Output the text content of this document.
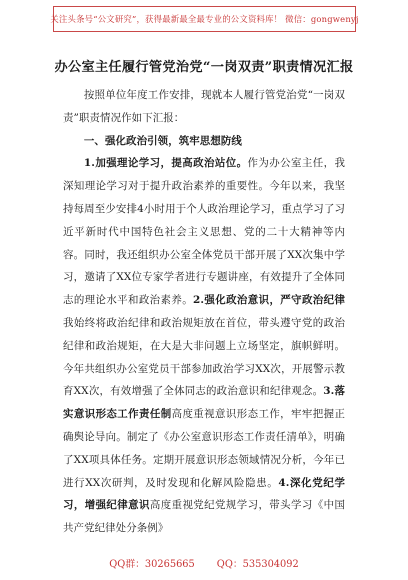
关注头条号“公文研究”，获得最新最全最专业的公文资料库！ 微信：gongwenyj
办公室主任履行管党治党“一岗双责”职责情况汇报

按照单位年度工作安排，现就本人履行管党治党“一岗双责”职责情况作如下汇报：

一、强化政治引领，筑牢思想防线

1.加强理论学习，提高政治站位。作为办公室主任，我深知理论学习对于提升政治素养的重要性。今年以来，我坚持每周至少安排4小时用于个人政治理论学习，重点学习了习近平新时代中国特色社会主义思想、党的二十大精神等内容。同时，我还组织办公室全体党员干部开展了XX次集中学习，邀请了XX位专家学者进行专题讲座，有效提升了全体同志的理论水平和政治素养。2.强化政治意识，严守政治纪律我始终将政治纪律和政治规矩放在首位，带头遵守党的政治纪律和政治规矩，在大是大非问题上立场坚定，旗帜鲜明。今年共组织办公室党员干部参加政治学习XX次，开展警示教育XX次，有效增强了全体同志的政治意识和纪律观念。3.落实意识形态工作责任制高度重视意识形态工作，牢牢把握正确舆论导向。制定了《办公室意识形态工作责任清单》，明确了XX项具体任务。定期开展意识形态领域情况分析，今年已进行XX次研判，及时发现和化解风险隐患。4.深化党纪学习，增强纪律意识高度重视党纪党规学习，带头学习《中国共产党纪律处分条例》

QQ群：30265665 QQ：535304092
